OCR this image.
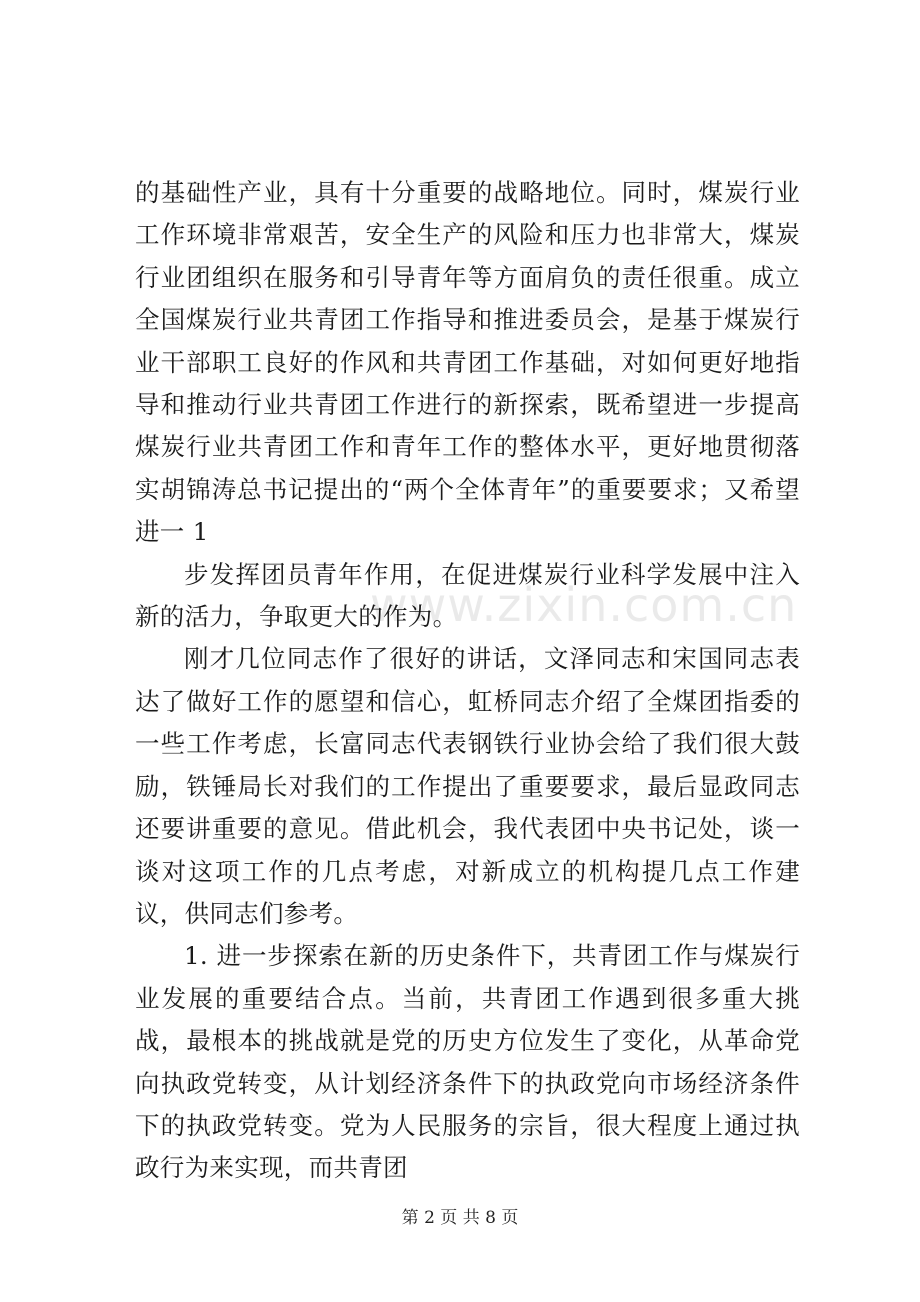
www.zixin.com.cn

的基础性产业，具有十分重要的战略地位。同时，煤炭行业工作环境非常艰苦，安全生产的风险和压力也非常大，煤炭行业团组织在服务和引导青年等方面肩负的责任很重。成立全国煤炭行业共青团工作指导和推进委员会，是基于煤炭行业干部职工良好的作风和共青团工作基础，对如何更好地指导和推动行业共青团工作进行的新探索，既希望进一步提高煤炭行业共青团工作和青年工作的整体水平，更好地贯彻落实胡锦涛总书记提出的“两个全体青年”的重要要求；又希望进一 1

步发挥团员青年作用，在促进煤炭行业科学发展中注入新的活力，争取更大的作为。

刚才几位同志作了很好的讲话，文泽同志和宋国同志表达了做好工作的愿望和信心，虹桥同志介绍了全煤团指委的一些工作考虑，长富同志代表钢铁行业协会给了我们很大鼓励，铁锤局长对我们的工作提出了重要要求，最后显政同志还要讲重要的意见。借此机会，我代表团中央书记处，谈一谈对这项工作的几点考虑，对新成立的机构提几点工作建议，供同志们参考。

1. 进一步探索在新的历史条件下，共青团工作与煤炭行业发展的重要结合点。当前，共青团工作遇到很多重大挑战，最根本的挑战就是党的历史方位发生了变化，从革命党向执政党转变，从计划经济条件下的执政党向市场经济条件下的执政党转变。党为人民服务的宗旨，很大程度上通过执政行为来实现，而共青团

第 2 页 共 8 页
